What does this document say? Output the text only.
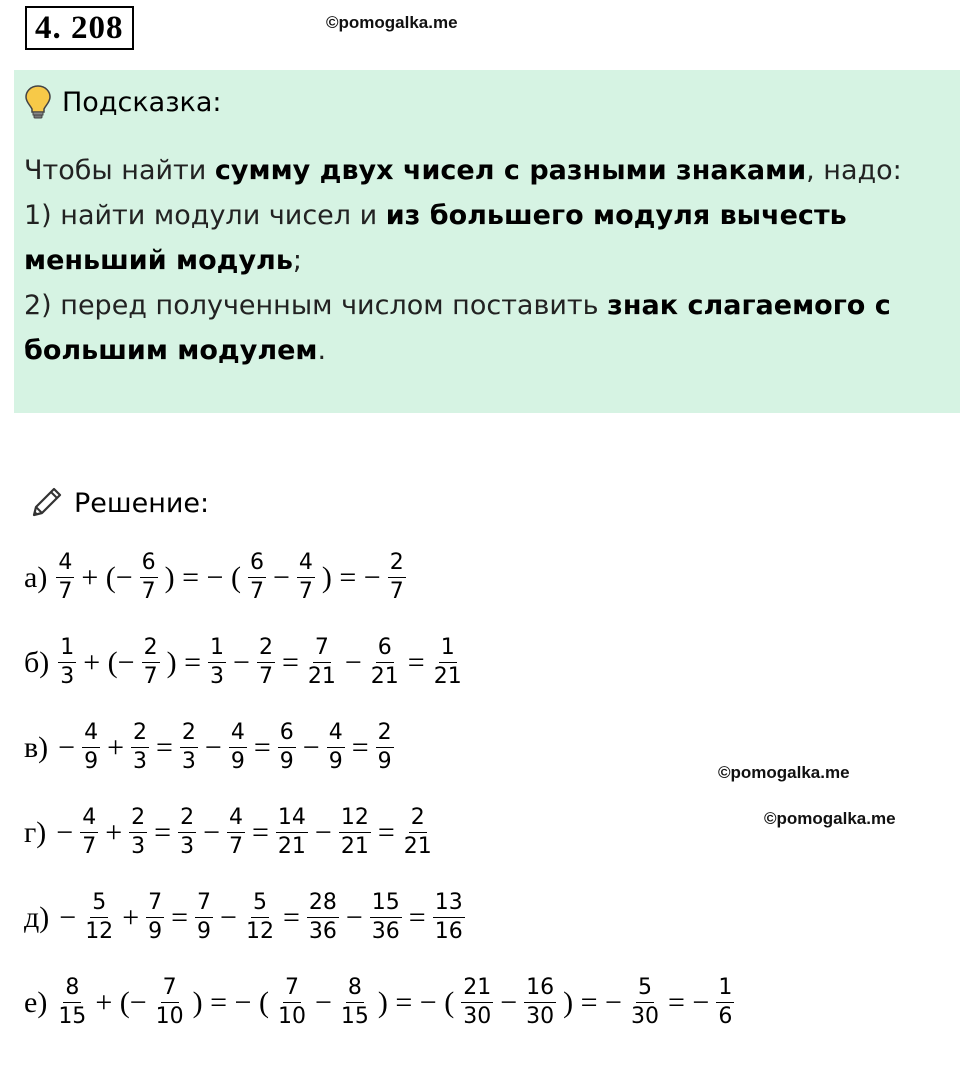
4. 208	©pomogalka.me
Подсказка:
Чтобы найти сумму двух чисел с разными знаками, надо:
1) найти модули чисел и из большего модуля вычесть меньший модуль;
2) перед полученным числом поставить знак слагаемого с большим модулем.
Решение:
$а) \frac{4}{7}$ + (− $\frac{6}{7}$ ) = − ( $\frac{6}{7} - \frac{4}{7}$ ) = − $\frac{2}{7}$
$б) \frac{1}{3}$ + (− $\frac{2}{7}$ ) = $\frac{1}{3} - \frac{2}{7} = \frac{7}{21} - \frac{6}{21} = \frac{1}{21}$
$в) - \frac{4}{9} + \frac{2}{3} = \frac{2}{3} - \frac{4}{9} = \frac{6}{9} - \frac{4}{9} = \frac{2}{9}$
$г) - \frac{4}{7} + \frac{2}{3} = \frac{2}{3} - \frac{4}{7} = \frac{14}{21} - \frac{12}{21} = \frac{2}{21}$
$д) - \frac{5}{12} + \frac{7}{9} = \frac{7}{9} - \frac{5}{12} = \frac{28}{36} - \frac{15}{36} = \frac{13}{16}$
$е) \frac{8}{15}$ + (− $\frac{7}{10}$ ) = − ( $\frac{7}{10} - \frac{8}{15}$ ) = − ( $\frac{21}{30} - \frac{16}{30}$ ) = − $\frac{5}{30}$ = − $\frac{1}{6}$
©pomogalka.me
©pomogalka.me
